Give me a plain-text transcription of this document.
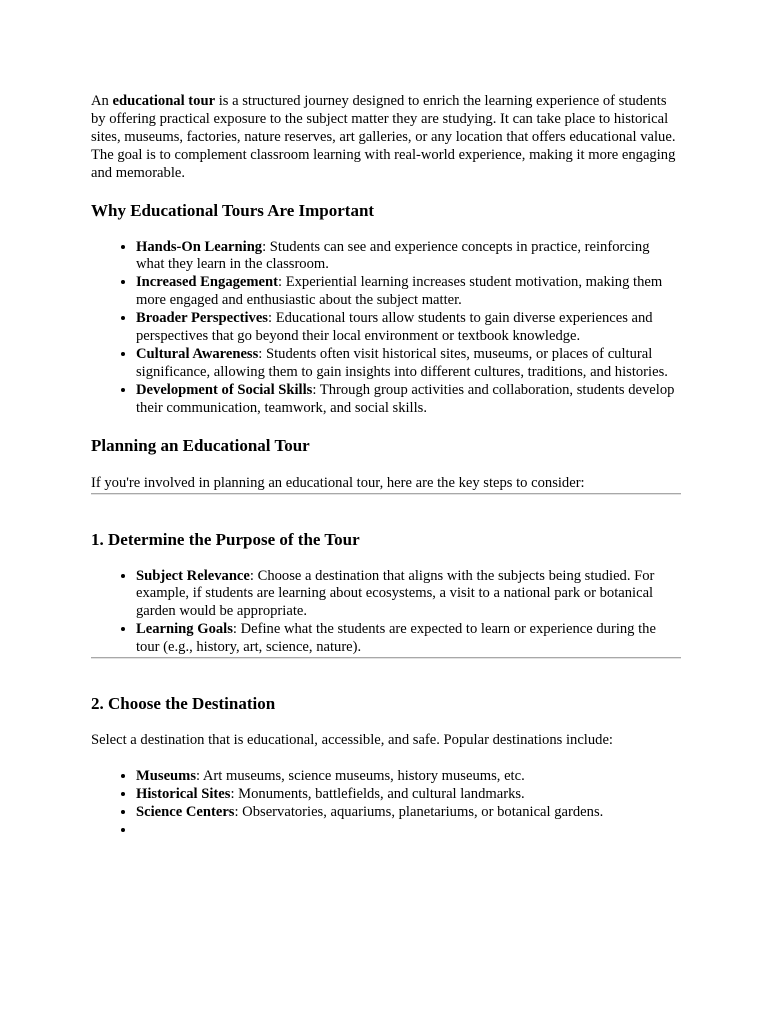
An educational tour is a structured journey designed to enrich the learning experience of students by offering practical exposure to the subject matter they are studying. It can take place to historical sites, museums, factories, nature reserves, art galleries, or any location that offers educational value. The goal is to complement classroom learning with real-world experience, making it more engaging and memorable.

Why Educational Tours Are Important
• Hands-On Learning: Students can see and experience concepts in practice, reinforcing what they learn in the classroom.
• Increased Engagement: Experiential learning increases student motivation, making them more engaged and enthusiastic about the subject matter.
• Broader Perspectives: Educational tours allow students to gain diverse experiences and perspectives that go beyond their local environment or textbook knowledge.
• Cultural Awareness: Students often visit historical sites, museums, or places of cultural significance, allowing them to gain insights into different cultures, traditions, and histories.
• Development of Social Skills: Through group activities and collaboration, students develop their communication, teamwork, and social skills.
Planning an Educational Tour

If you're involved in planning an educational tour, here are the key steps to consider:

1. Determine the Purpose of the Tour
• Subject Relevance: Choose a destination that aligns with the subjects being studied. For example, if students are learning about ecosystems, a visit to a national park or botanical garden would be appropriate.
• Learning Goals: Define what the students are expected to learn or experience during the tour (e.g., history, art, science, nature).
2. Choose the Destination

Select a destination that is educational, accessible, and safe. Popular destinations include:

• Museums: Art museums, science museums, history museums, etc.
• Historical Sites: Monuments, battlefields, and cultural landmarks.
• Science Centers: Observatories, aquariums, planetariums, or botanical gardens.
•
